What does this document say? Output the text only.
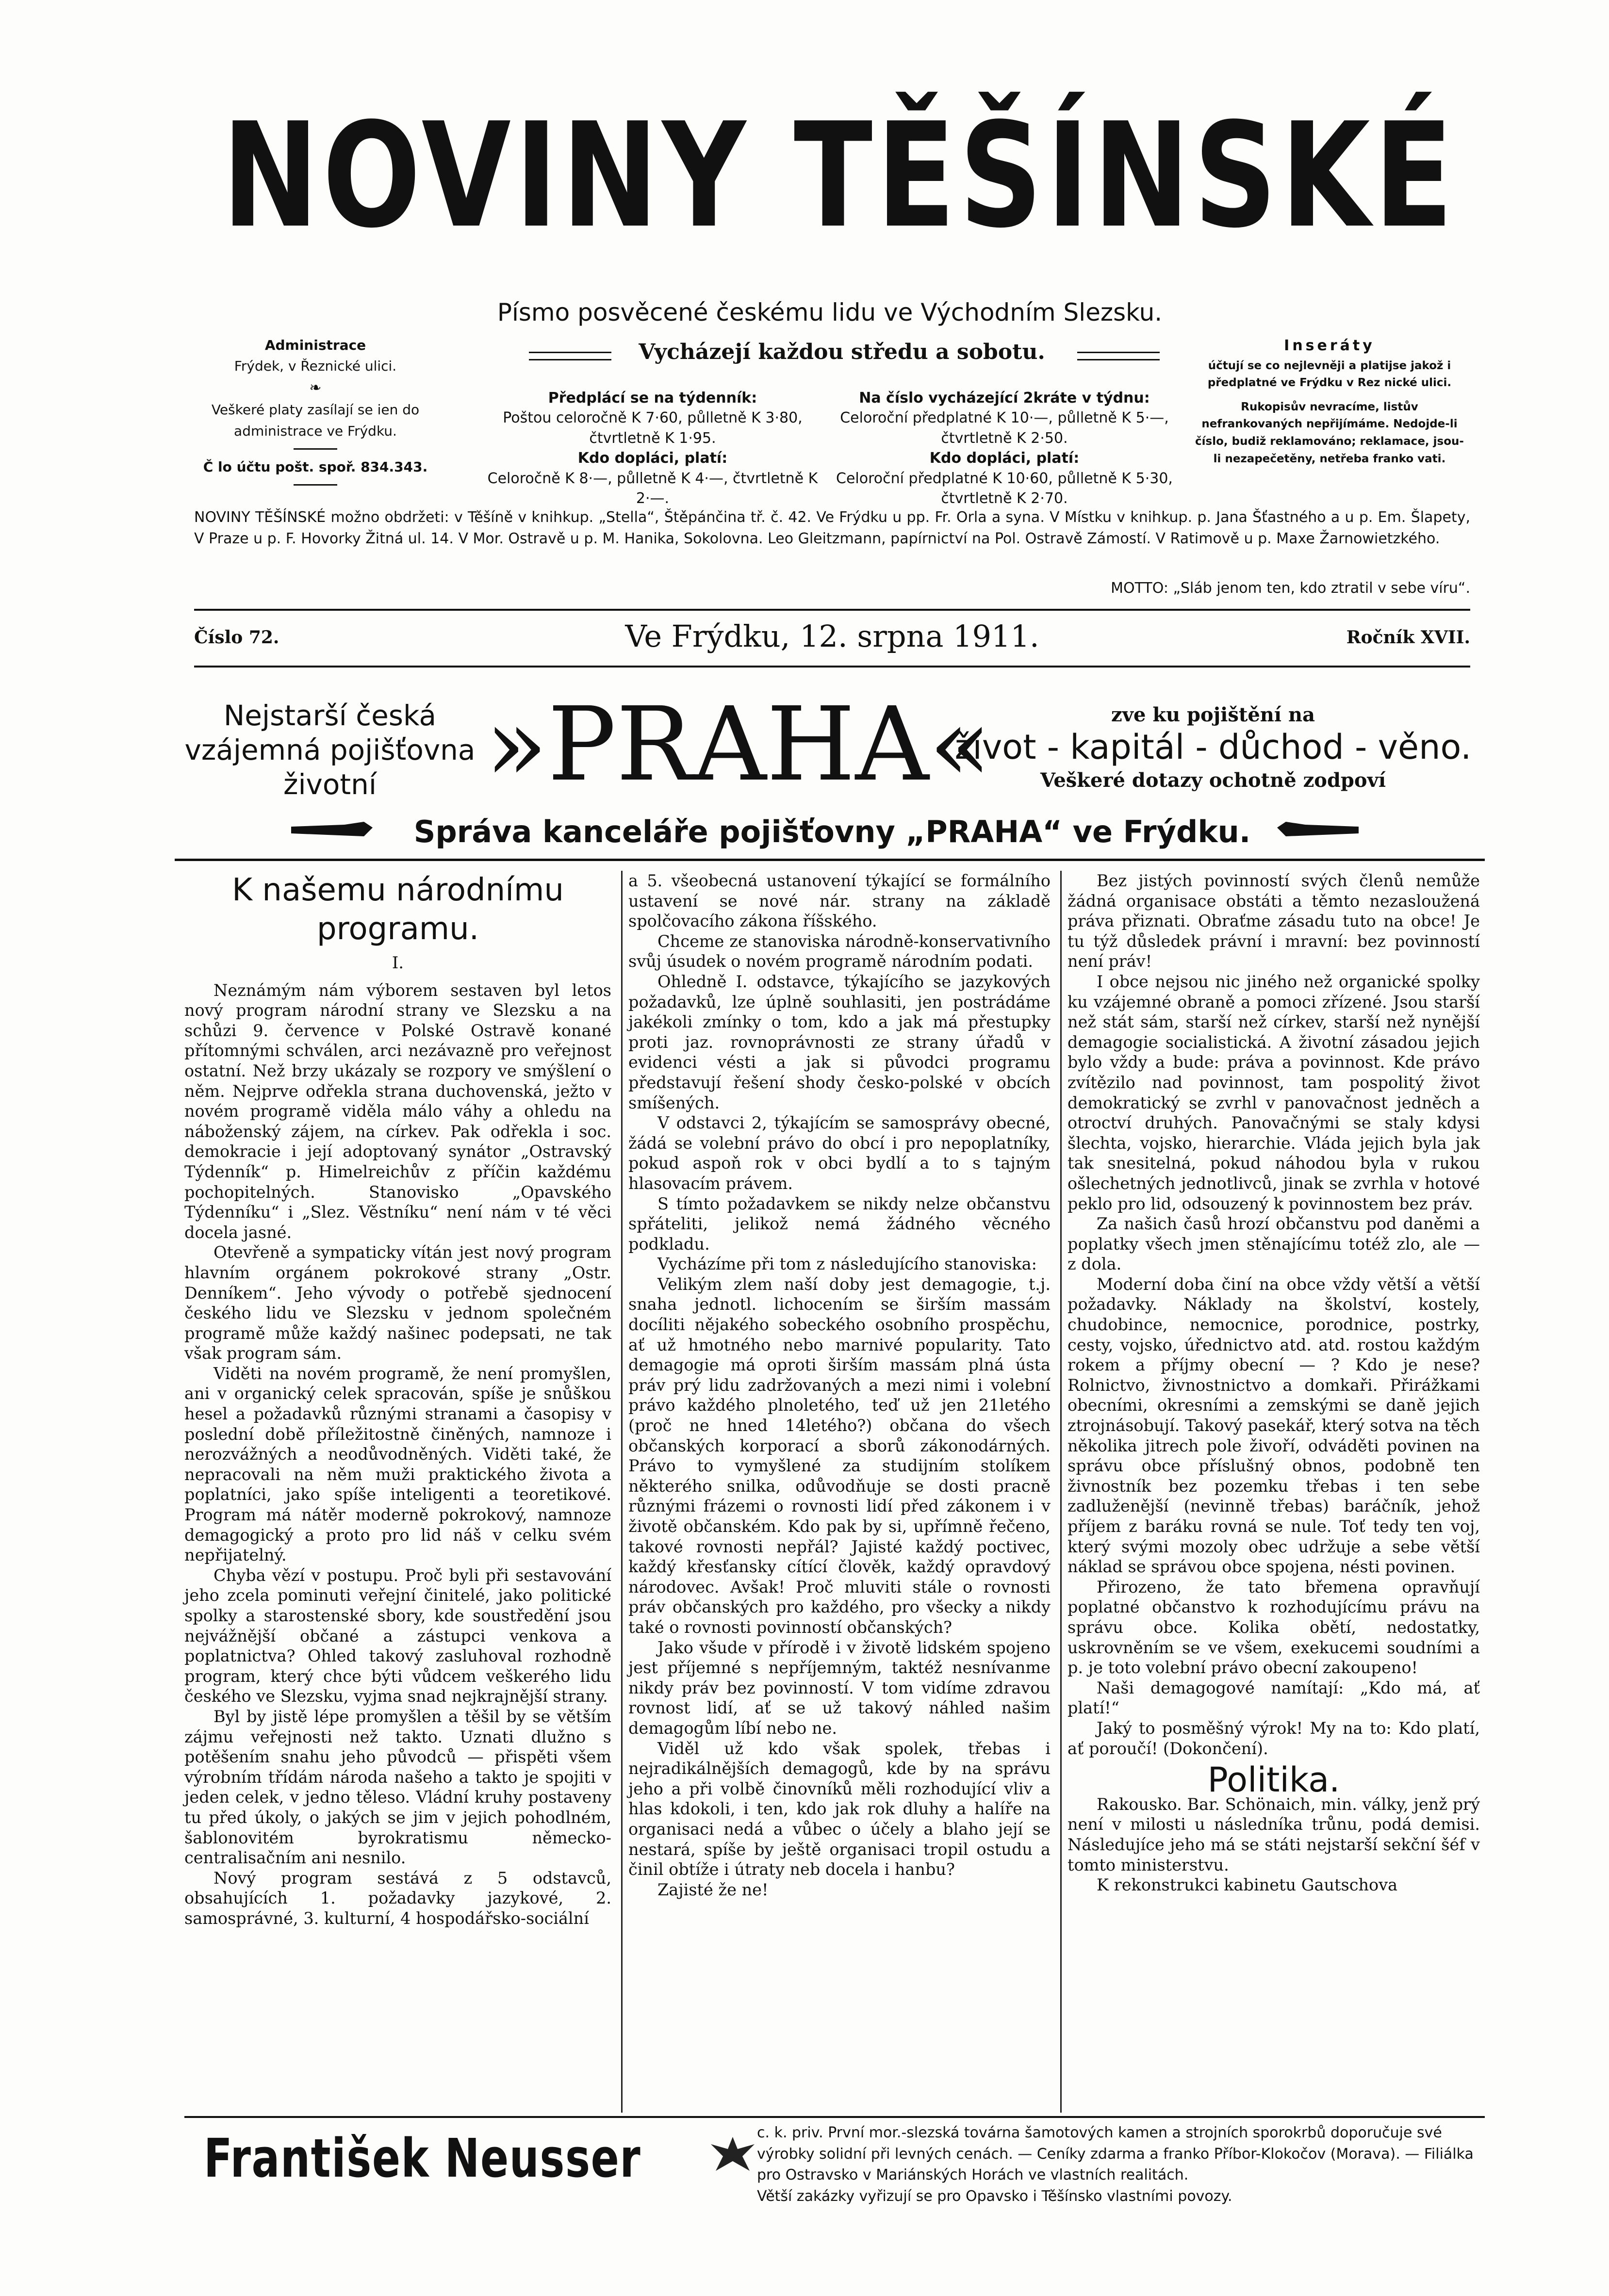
NOVINY TĚŠÍNSKÉ
Písmo posvěcené českému lidu ve Východním Slezsku.
Vycházejí každou středu a sobotu.
Administrace
Frýdek, v Řeznické ulici.
❧
Veškeré platy zasílají se ien do administrace ve Frýdku.
Č lo účtu pošt. spoř. 834.343.
Předplácí se na týdenník:
Poštou celoročně K 7·60, půlletně K 3·80, čtvrtletně K 1·95.
Kdo dopláci, platí:
Celoročně K 8·—, půlletně K 4·—, čtvrtletně K 2·—.
Na číslo vycházející 2kráte v týdnu:
Celoroční předplatné K 10·—, půlletně K 5·—, čtvrtletně K 2·50.
Kdo dopláci, platí:
Celoroční předplatné K 10·60, půlletně K 5·30, čtvrtletně K 2·70.
Inseráty
účtují se co nejlevněji a platijse jakož i předplatné ve Frýdku v Rez nické ulici.
Rukopisův nevracíme, listův nefrankovaných nepřijímáme. Nedojde-li číslo, budiž reklamováno; reklamace, jsou-li nezapečetěny, netřeba franko vati.
NOVINY TĚŠÍNSKÉ možno obdržeti: v Těšíně v knihkup. „Stella“, Štěpánčina tř. č. 42. Ve Frýdku u pp. Fr. Orla a syna. V Místku v knihkup. p. Jana Šťastného a u p. Em. Šlapety, V Praze u p. F. Hovorky Žitná ul. 14. V Mor. Ostravě u p. M. Hanika, Sokolovna. Leo Gleitzmann, papírnictví na Pol. Ostravě Zámostí. V Ratimově u p. Maxe Žarnowietzkého.
MOTTO: „Sláb jenom ten, kdo ztratil v sebe víru“.
Číslo 72.	Ve Frýdku, 12. srpna 1911.	Ročník XVII.
Nejstarší česká vzájemná pojišťovna životní	»PRAHA«	zve ku pojištění na
život - kapitál - důchod - věno.
Veškeré dotazy ochotně zodpoví
Správa kanceláře pojišťovny „PRAHA“ ve Frýdku.
K našemu národnímu programu.
I.

Neznámým nám výborem sestaven byl letos nový program národní strany ve Slezsku a na schůzi 9. července v Polské Ostravě konané přítomnými schválen, arci nezávazně pro veřejnost ostatní. Než brzy ukázaly se rozpory ve smýšlení o něm. Nejprve odřekla strana duchovenská, ježto v novém programě viděla málo váhy a ohledu na náboženský zájem, na církev. Pak odřekla i soc. demokracie i její adoptovaný synátor „Ostravský Týdenník“ p. Himelreichův z příčin každému pochopitelných. Stanovisko „Opavského Týdenníku“ i „Slez. Věstníku“ není nám v té věci docela jasné.

Otevřeně a sympaticky vítán jest nový program hlavním orgánem pokrokové strany „Ostr. Denníkem“. Jeho vývody o potřebě sjednocení českého lidu ve Slezsku v jednom společném programě může každý našinec podepsati, ne tak však program sám.

Viděti na novém programě, že není promyšlen, ani v organický celek spracován, spíše je snůškou hesel a požadavků různými stranami a časopisy v poslední době příležitostně činěných, namnoze i nerozvážných a neodůvodněných. Viděti také, že nepracovali na něm muži praktického života a poplatníci, jako spíše inteligenti a teoretikové. Program má nátěr moderně pokrokový, namnoze demagogický a proto pro lid náš v celku svém nepřijatelný.

Chyba vězí v postupu. Proč byli při sestavování jeho zcela pominuti veřejní činitelé, jako politické spolky a starostenské sbory, kde soustředění jsou nejvážnější občané a zástupci venkova a poplatnictva? Ohled takový zasluhoval rozhodně program, který chce býti vůdcem veškerého lidu českého ve Slezsku, vyjma snad nejkrajnější strany.

Byl by jistě lépe promyšlen a těšil by se větším zájmu veřejnosti než takto. Uznati dlužno s potěšením snahu jeho původců — přispěti všem výrobním třídám národa našeho a takto je spojiti v jeden celek, v jedno těleso. Vládní kruhy postaveny tu před úkoly, o jakých se jim v jejich pohodlném, šablonovitém byrokratismu německo-centralisačním ani nesnilo.

Nový program sestává z 5 odstavců, obsahujících 1. požadavky jazykové, 2. samosprávné, 3. kulturní, 4 hospodářsko-sociální

a 5. všeobecná ustanovení týkající se formálního ustavení se nové nár. strany na základě spolčovacího zákona říšského.

Chceme ze stanoviska národně-konservativního svůj úsudek o novém programě národním podati.

Ohledně I. odstavce, týkajícího se jazykových požadavků, lze úplně souhlasiti, jen postrádáme jakékoli zmínky o tom, kdo a jak má přestupky proti jaz. rovnoprávnosti ze strany úřadů v evidenci vésti a jak si původci programu představují řešení shody česko-polské v obcích smíšených.

V odstavci 2, týkajícím se samosprávy obecné, žádá se volební právo do obcí i pro nepoplatníky, pokud aspoň rok v obci bydlí a to s tajným hlasovacím právem.

S tímto požadavkem se nikdy nelze občanstvu spřáteliti, jelikož nemá žádného věcného podkladu.

Vycházíme při tom z následujícího stanoviska:

Velikým zlem naší doby jest demagogie, t.j. snaha jednotl. lichocením se širším massám docíliti nějakého sobeckého osobního prospěchu, ať už hmotného nebo marnivé popularity. Tato demagogie má oproti širším massám plná ústa práv prý lidu zadržovaných a mezi nimi i volební právo každého plnoletého, teď už jen 21letého (proč ne hned 14letého?) občana do všech občanských korporací a sborů zákonodárných. Právo to vymyšlené za studijním stolíkem některého snilka, odůvodňuje se dosti pracně různými frázemi o rovnosti lidí před zákonem i v životě občanském. Kdo pak by si, upřímně řečeno, takové rovnosti nepřál? Jajisté každý poctivec, každý křesťansky cítící člověk, každý opravdový národovec. Avšak! Proč mluviti stále o rovnosti práv občanských pro každého, pro všecky a nikdy také o rovnosti povinností občanských?

Jako všude v přírodě i v životě lidském spojeno jest příjemné s nepříjemným, taktéž nesnívanme nikdy práv bez povinností. V tom vidíme zdravou rovnost lidí, ať se už takový náhled našim demagogům líbí nebo ne.

Viděl už kdo však spolek, třebas i nejradikálnějších demagogů, kde by na správu jeho a při volbě činovníků měli rozhodující vliv a hlas kdokoli, i ten, kdo jak rok dluhy a halíře na organisaci nedá a vůbec o účely a blaho její se nestará, spíše by ještě organisaci tropil ostudu a činil obtíže i útraty neb docela i hanbu?

Zajisté že ne!

Bez jistých povinností svých členů nemůže žádná organisace obstáti a těmto nezasloužená práva přiznati. Obraťme zásadu tuto na obce! Je tu týž důsledek právní i mravní: bez povinností není práv!

I obce nejsou nic jiného než organické spolky ku vzájemné obraně a pomoci zřízené. Jsou starší než stát sám, starší než církev, starší než nynější demagogie socialistická. A životní zásadou jejich bylo vždy a bude: práva a povinnost. Kde právo zvítězilo nad povinnost, tam pospolitý život demokratický se zvrhl v panovačnost jedněch a otroctví druhých. Panovačnými se staly kdysi šlechta, vojsko, hierarchie. Vláda jejich byla jak tak snesitelná, pokud náhodou byla v rukou ošlechetných jednotlivců, jinak se zvrhla v hotové peklo pro lid, odsouzený k povinnostem bez práv.

Za našich časů hrozí občanstvu pod daněmi a poplatky všech jmen stěnajícímu totéž zlo, ale — z dola.

Moderní doba činí na obce vždy větší a větší požadavky. Náklady na školství, kostely, chudobince, nemocnice, porodnice, postrky, cesty, vojsko, úřednictvo atd. atd. rostou každým rokem a příjmy obecní — ? Kdo je nese? Rolnictvo, živnostnictvo a domkaři. Přirážkami obecními, okresními a zemskými se daně jejich ztrojnásobují. Takový pasekář, který sotva na těch několika jitrech pole živoří, odváděti povinen na správu obce příslušný obnos, podobně ten živnostník bez pozemku třebas i ten sebe zadluženější (nevinně třebas) baráčník, jehož příjem z baráku rovná se nule. Toť tedy ten voj, který svými mozoly obec udržuje a sebe větší náklad se správou obce spojena, nésti povinen.

Přirozeno, že tato břemena opravňují poplatné občanstvo k rozhodujícímu právu na správu obce. Kolika obětí, nedostatky, uskrovněním se ve všem, exekucemi soudními a p. je toto volební právo obecní zakoupeno!

Naši demagogové namítají: „Kdo má, ať platí!“

Jaký to posměšný výrok! My na to: Kdo platí, ať poroučí! (Dokončení).

Politika.

Rakousko. Bar. Schönaich, min. války, jenž prý není v milosti u následníka trůnu, podá demisi. Následujíce jeho má se státi nejstarší sekční šéf v tomto ministerstvu.

K rekonstrukci kabinetu Gautschova

František Neusser	c. k. priv. První mor.-slezská továrna šamotových kamen a strojních sporokrbů doporučuje své výrobky solidní při levných cenách. — Ceníky zdarma a franko Příbor-Klokočov (Morava). — Filiálka pro Ostravsko v Mariánských Horách ve vlastních realitách.
Větší zakázky vyřizují se pro Opavsko i Těšínsko vlastními povozy.
